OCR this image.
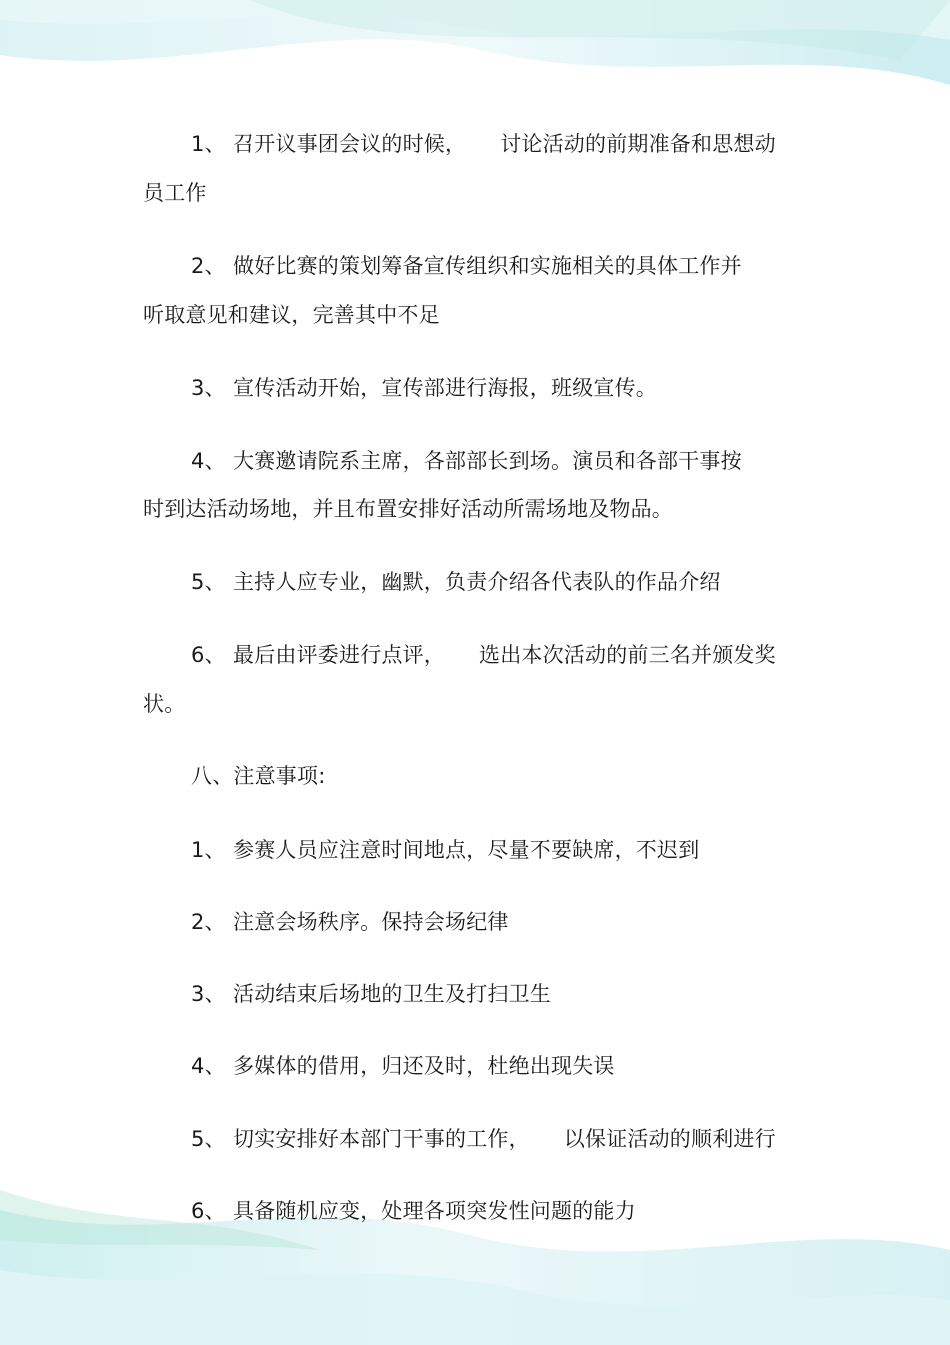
1、 召开议事团会议的时候， 讨论活动的前期准备和思想动
员工作
2、 做好比赛的策划筹备宣传组织和实施相关的具体工作并
听取意见和建议，完善其中不足
3、 宣传活动开始，宣传部进行海报，班级宣传。
4、 大赛邀请院系主席，各部部长到场。演员和各部干事按
时到达活动场地，并且布置安排好活动所需场地及物品。
5、 主持人应专业，幽默，负责介绍各代表队的作品介绍
6、 最后由评委进行点评， 选出本次活动的前三名并颁发奖
状。
八、注意事项:
1、 参赛人员应注意时间地点，尽量不要缺席，不迟到
2、 注意会场秩序。保持会场纪律
3、 活动结束后场地的卫生及打扫卫生
4、 多媒体的借用，归还及时，杜绝出现失误
5、 切实安排好本部门干事的工作， 以保证活动的顺利进行
6、 具备随机应变，处理各项突发性问题的能力
